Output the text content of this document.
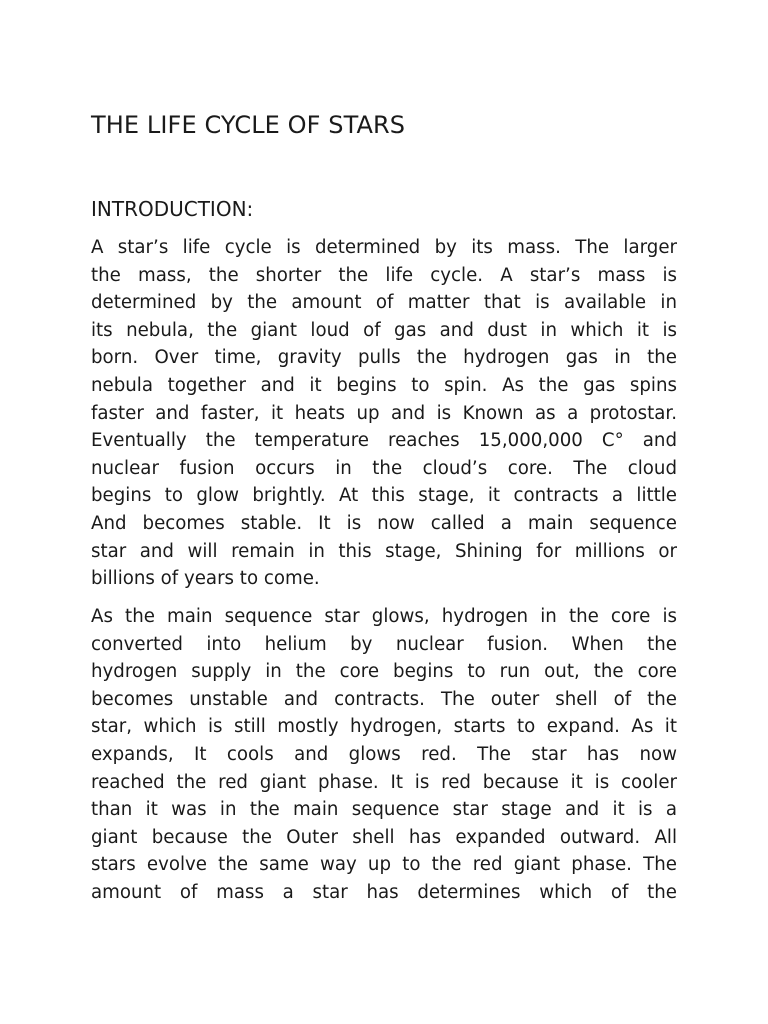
THE LIFE CYCLE OF STARS
INTRODUCTION:

A star’s life cycle is determined by its mass. The larger
the mass, the shorter the life cycle. A star’s mass is
determined by the amount of matter that is available in
its nebula, the giant loud of gas and dust in which it is
born. Over time, gravity pulls the hydrogen gas in the
nebula together and it begins to spin. As the gas spins
faster and faster, it heats up and is Known as a protostar.
Eventually the temperature reaches 15,000,000 C° and
nuclear fusion occurs in the cloud’s core. The cloud
begins to glow brightly. At this stage, it contracts a little
And becomes stable. It is now called a main sequence
star and will remain in this stage, Shining for millions or
billions of years to come.

As the main sequence star glows, hydrogen in the core is
converted into helium by nuclear fusion. When the
hydrogen supply in the core begins to run out, the core
becomes unstable and contracts. The outer shell of the
star, which is still mostly hydrogen, starts to expand. As it
expands, It cools and glows red. The star has now
reached the red giant phase. It is red because it is cooler
than it was in the main sequence star stage and it is a
giant because the Outer shell has expanded outward. All
stars evolve the same way up to the red giant phase. The
amount of mass a star has determines which of the
